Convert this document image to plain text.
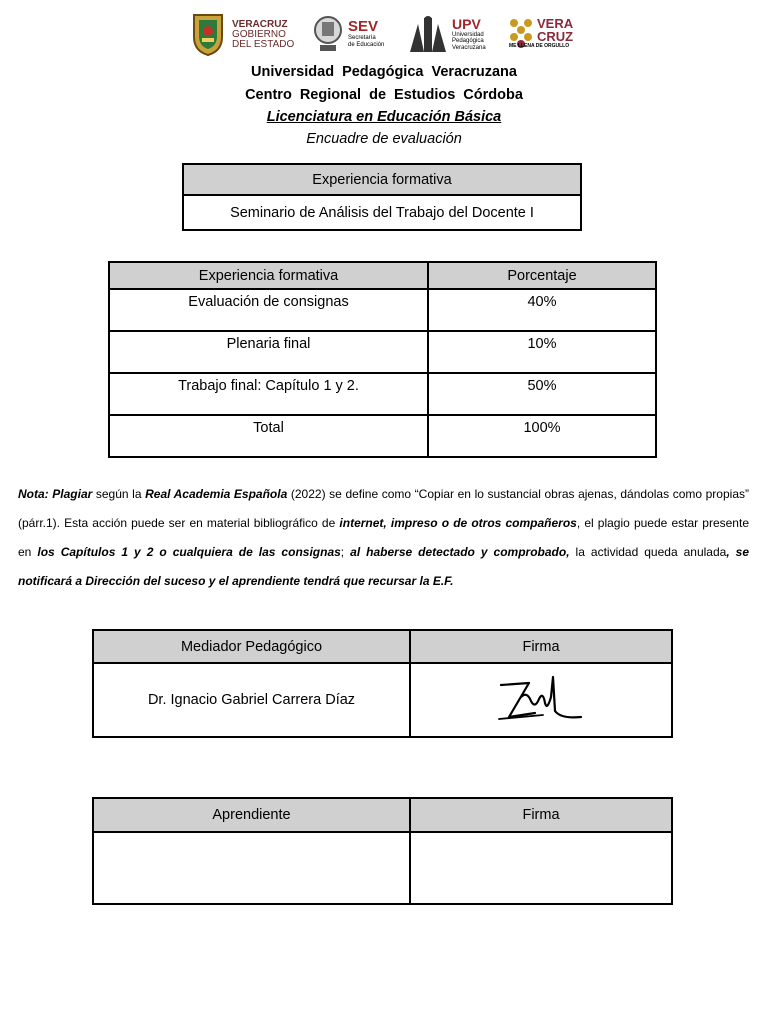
VERACRUZ
GOBIERNO
DEL ESTADO
SEV
Secretaría
de Educación
UPV
Universidad
Pedagógica
Veracruzana
VERA
CRUZ
ME LLENA DE ORGULLO
Universidad Pedagógica Veracruzana
Centro Regional de Estudios Córdoba
Licenciatura en Educación Básica
Encuadre de evaluación
Experiencia formativa
Seminario de Análisis del Trabajo del Docente I
Experiencia formativa	Porcentaje
Evaluación de consignas	40%
Plenaria final	10%
Trabajo final: Capítulo 1 y 2.	50%
Total	100%
Nota: Plagiar según la Real Academia Española (2022) se define como “Copiar en lo sustancial obras ajenas, dándolas como propias” (párr.1). Esta acción puede ser en material bibliográfico de internet, impreso o de otros compañeros, el plagio puede estar presente en los Capítulos 1 y 2 o cualquiera de las consignas; al haberse detectado y comprobado, la actividad queda anulada, se notificará a Dirección del suceso y el aprendiente tendrá que recursar la E.F.
Mediador Pedagógico	Firma
Dr. Ignacio Gabriel Carrera Díaz	
Aprendiente	Firma
